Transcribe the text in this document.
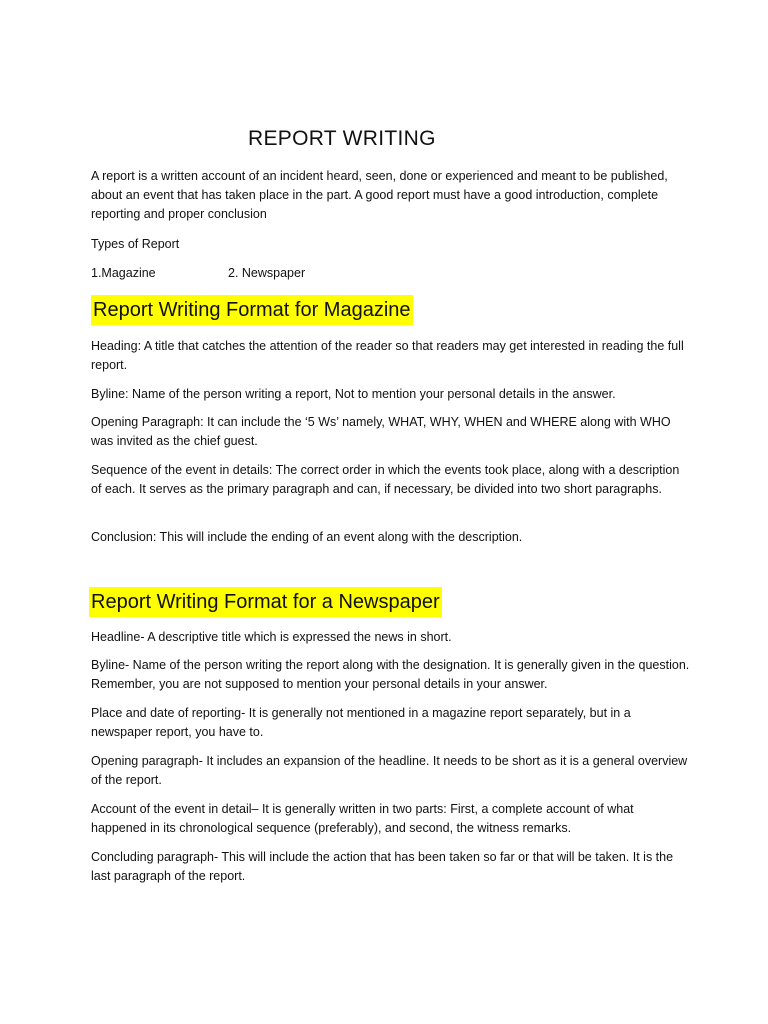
REPORT WRITING

A report is a written account of an incident heard, seen, done or experienced and meant to be published, about an event that has taken place in the part. A good report must have a good introduction, complete reporting and proper conclusion

Types of Report

1.Magazine	2. Newspaper

Report Writing Format for Magazine

Heading: A title that catches the attention of the reader so that readers may get interested in reading the full report.

Byline: Name of the person writing a report, Not to mention your personal details in the answer.

Opening Paragraph: It can include the ‘5 Ws’ namely, WHAT, WHY, WHEN and WHERE along with WHO was invited as the chief guest.

Sequence of the event in details: The correct order in which the events took place, along with a description of each. It serves as the primary paragraph and can, if necessary, be divided into two short paragraphs.

Conclusion: This will include the ending of an event along with the description.

Report Writing Format for a Newspaper

Headline- A descriptive title which is expressed the news in short.

Byline- Name of the person writing the report along with the designation. It is generally given in the question. Remember, you are not supposed to mention your personal details in your answer.

Place and date of reporting- It is generally not mentioned in a magazine report separately, but in a newspaper report, you have to.

Opening paragraph- It includes an expansion of the headline. It needs to be short as it is a general overview of the report.

Account of the event in detail– It is generally written in two parts: First, a complete account of what happened in its chronological sequence (preferably), and second, the witness remarks.

Concluding paragraph- This will include the action that has been taken so far or that will be taken. It is the last paragraph of the report.
